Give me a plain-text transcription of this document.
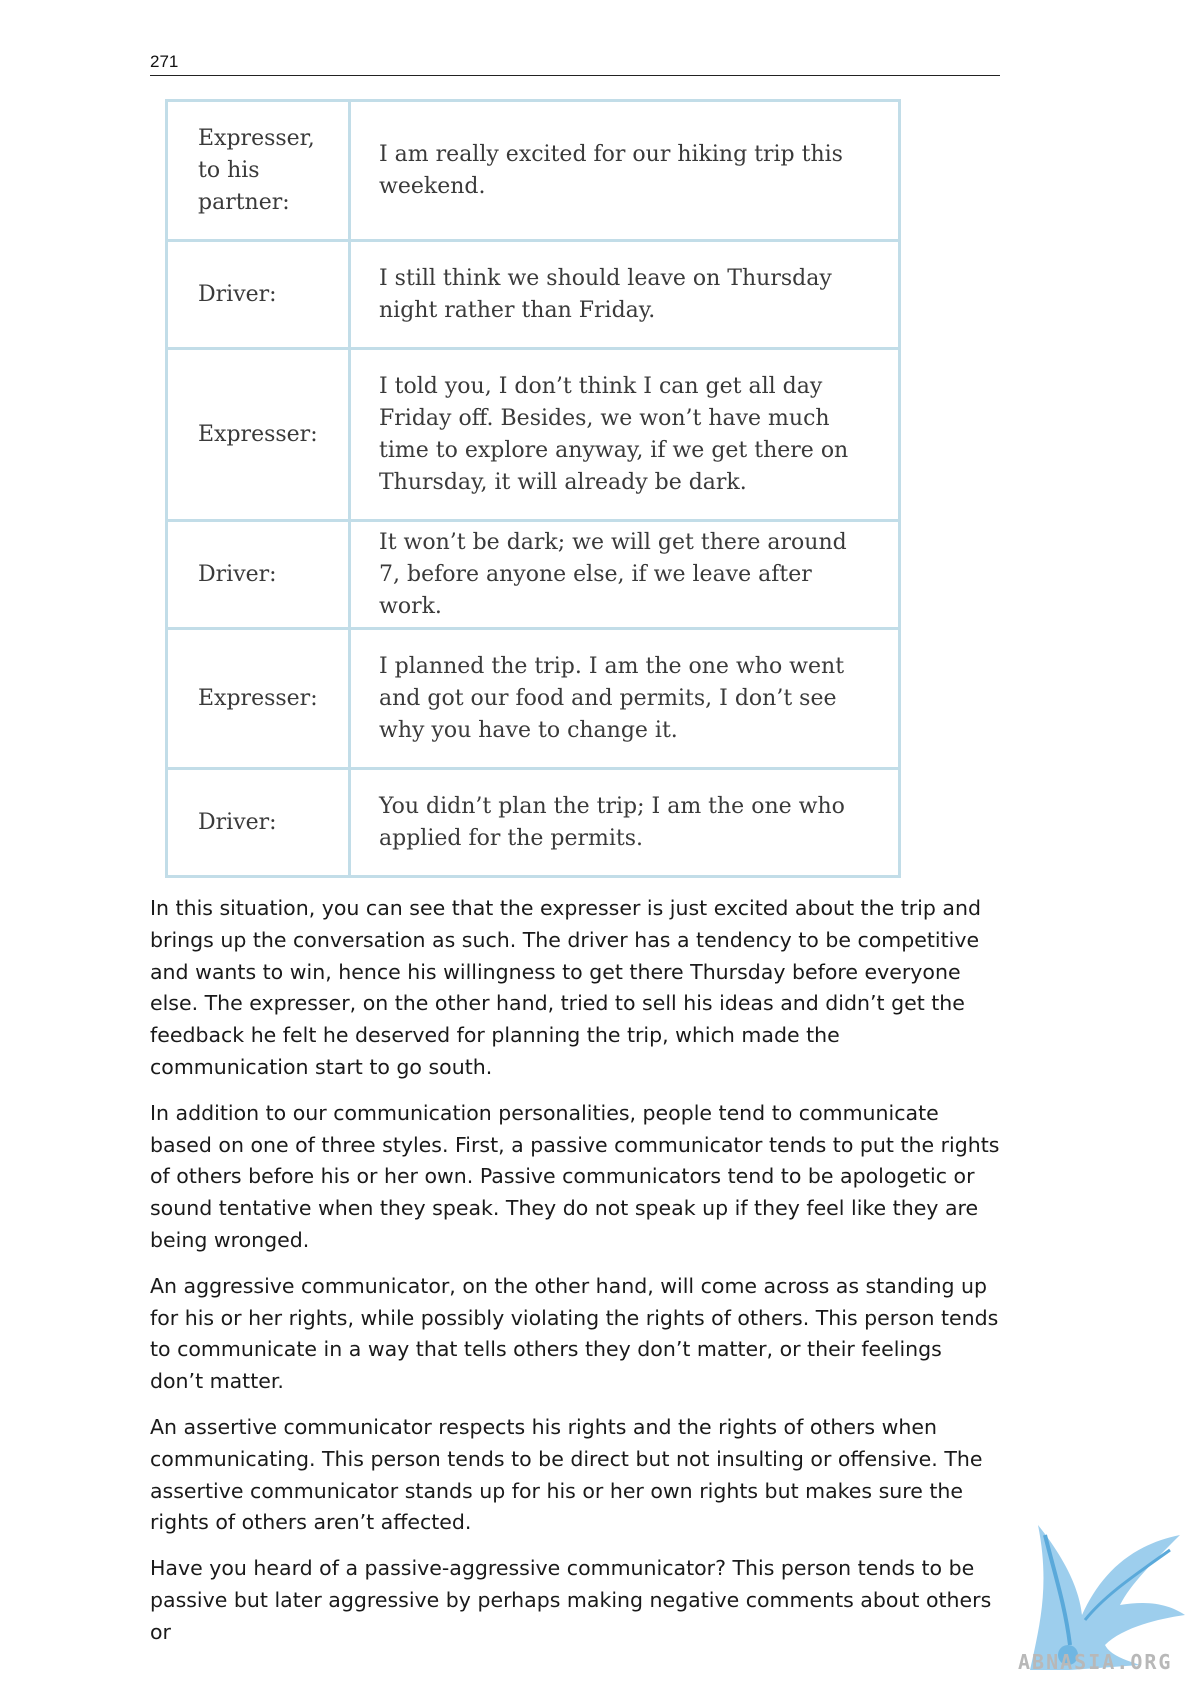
271
Expresser, to his partner:	I am really excited for our hiking trip this weekend.
Driver:	I still think we should leave on Thursday night rather than Friday.
Expresser:	I told you, I don’t think I can get all day Friday off. Besides, we won’t have much time to explore anyway, if we get there on Thursday, it will already be dark.
Driver:	It won’t be dark; we will get there around 7, before anyone else, if we leave after work.
Expresser:	I planned the trip. I am the one who went and got our food and permits, I don’t see why you have to change it.
Driver:	You didn’t plan the trip; I am the one who applied for the permits.

In this situation, you can see that the expresser is just excited about the trip and brings up the conversation as such. The driver has a tendency to be competitive and wants to win, hence his willingness to get there Thursday before everyone else. The expresser, on the other hand, tried to sell his ideas and didn’t get the feedback he felt he deserved for planning the trip, which made the communication start to go south.

In addition to our communication personalities, people tend to communicate based on one of three styles. First, a passive communicator tends to put the rights of others before his or her own. Passive communicators tend to be apologetic or sound tentative when they speak. They do not speak up if they feel like they are being wronged.

An aggressive communicator, on the other hand, will come across as standing up for his or her rights, while possibly violating the rights of others. This person tends to communicate in a way that tells others they don’t matter, or their feelings don’t matter.

An assertive communicator respects his rights and the rights of others when communicating. This person tends to be direct but not insulting or offensive. The assertive communicator stands up for his or her own rights but makes sure the rights of others aren’t affected.

Have you heard of a passive-aggressive communicator? This person tends to be passive but later aggressive by perhaps making negative comments about others or

ABNASIA.ORG
